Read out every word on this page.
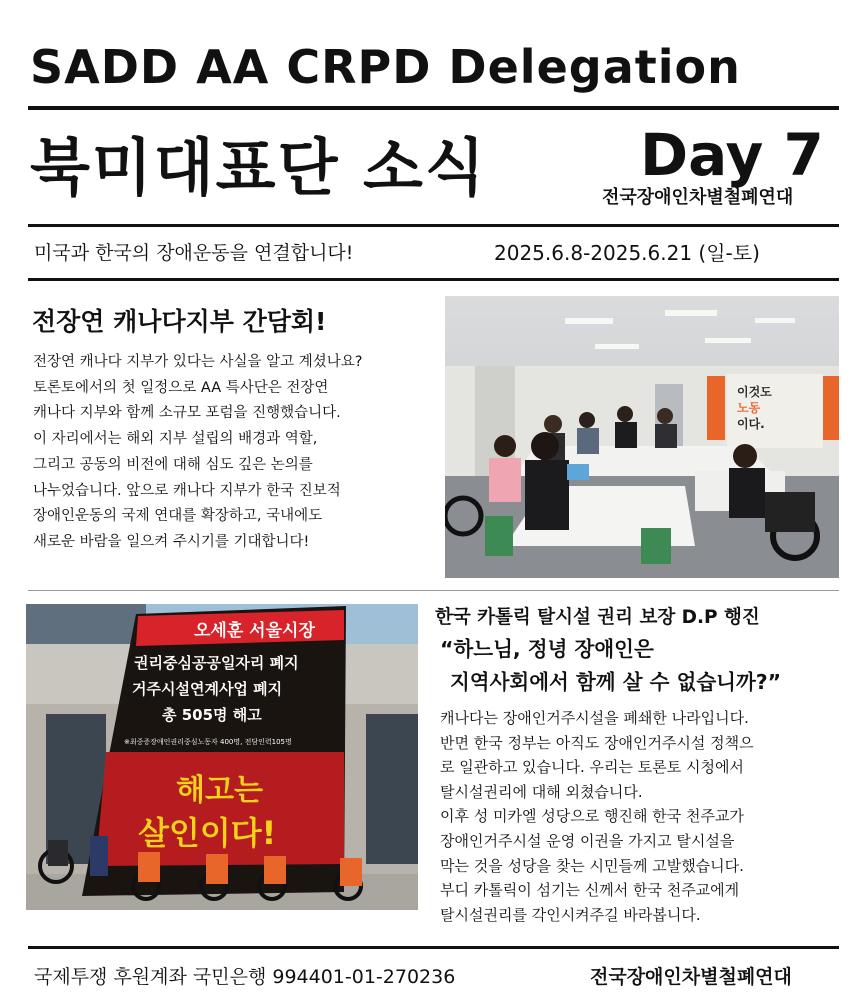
SADD AA CRPD Delegation
북미대표단 소식	Day 7
전국장애인차별철폐연대
미국과 한국의 장애운동을 연결합니다!	2025.6.8-2025.6.21 (일-토)
전장연 캐나다지부 간담회!

전장연 캐나다 지부가 있다는 사실을 알고 계셨나요?

토론토에서의 첫 일정으로 AA 특사단은 전장연

캐나다 지부와 함께 소규모 포럼을 진행했습니다.

이 자리에서는 해외 지부 설립의 배경과 역할,

그리고 공동의 비전에 대해 심도 깊은 논의를

나누었습니다. 앞으로 캐나다 지부가 한국 진보적

장애인운동의 국제 연대를 확장하고, 국내에도

새로운 바람을 일으켜 주시기를 기대합니다!

이것도
노동
이다.
오세훈 서울시장
권리중심공공일자리 폐지
거주시설연계사업 폐지
총 505명 해고
※최중증장애인권리중심노동자 400명, 전담인력105명
해고는
살인이다!
한국 카톨릭 탈시설 권리 보장 D.P 행진
“하느님, 정녕 장애인은
지역사회에서 함께 살 수 없습니까?”

캐나다는 장애인거주시설을 폐쇄한 나라입니다.

반면 한국 정부는 아직도 장애인거주시설 정책으

로 일관하고 있습니다. 우리는 토론토 시청에서

탈시설권리에 대해 외쳤습니다.

이후 성 미카엘 성당으로 행진해 한국 천주교가

장애인거주시설 운영 이권을 가지고 탈시설을

막는 것을 성당을 찾는 시민들께 고발했습니다.

부디 카톨릭이 섬기는 신께서 한국 천주교에게

탈시설권리를 각인시켜주길 바라봅니다.

국제투쟁 후원계좌 국민은행 994401-01-270236	전국장애인차별철폐연대
